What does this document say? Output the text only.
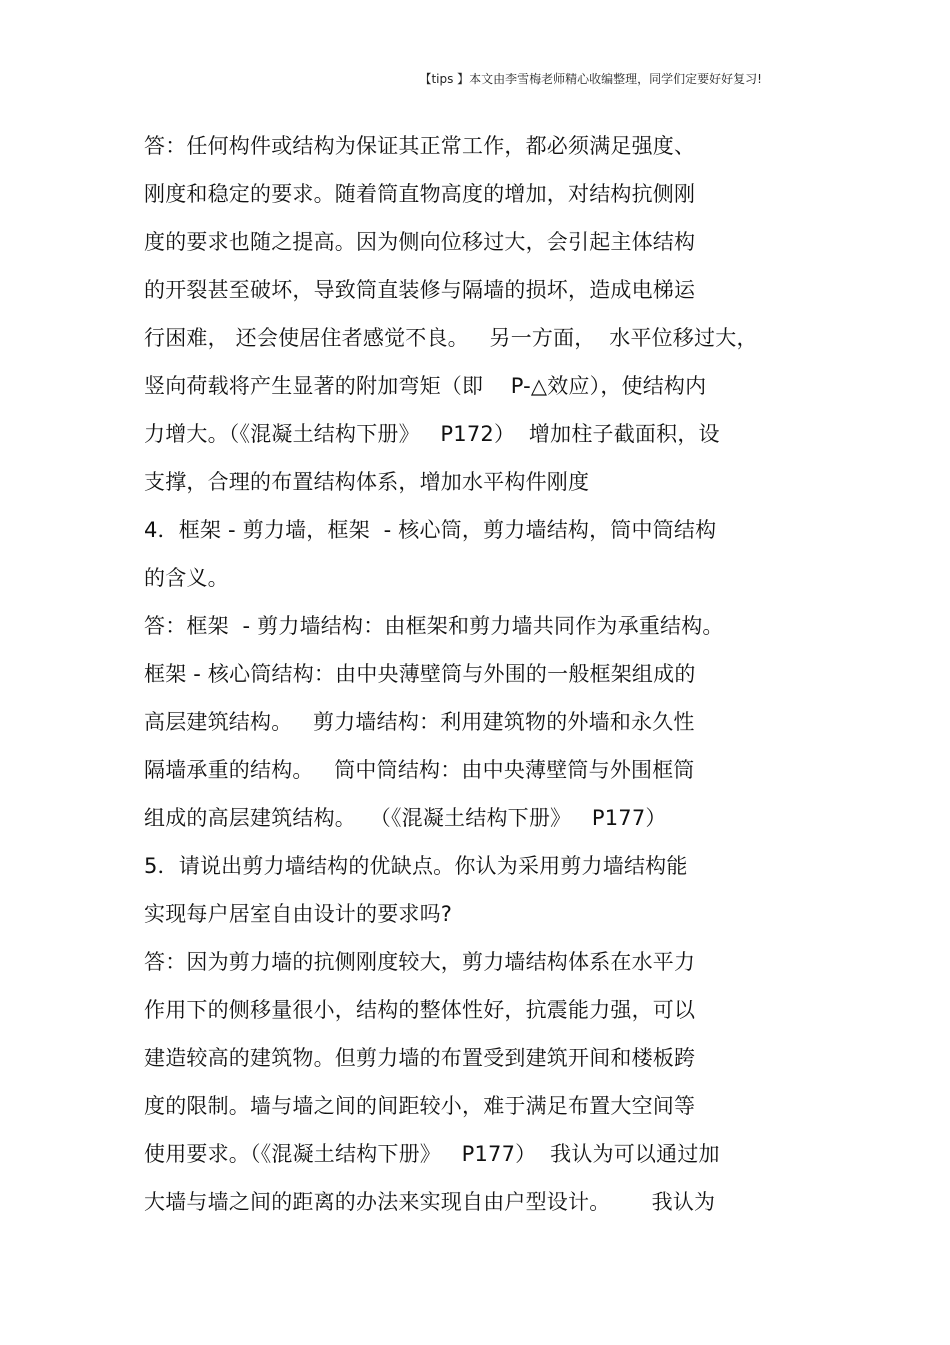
【tips 】本文由李雪梅老师精心收编整理，同学们定要好好复习!
答：任何构件或结构为保证其正常工作，都必须满足强度、
刚度和稳定的要求。随着筒直物高度的增加，对结构抗侧刚
度的要求也随之提高。因为侧向位移过大，会引起主体结构
的开裂甚至破坏，导致筒直装修与隔墙的损坏，造成电梯运
行困难， 还会使居住者感觉不良。   另一方面，  水平位移过大，
竖向荷载将产生显著的附加弯矩（即    P-△效应），使结构内
力增大。（《混凝土结构下册》   P172）  增加柱子截面积，设
支撑，合理的布置结构体系，增加水平构件刚度
4．框架 - 剪力墙，框架  - 核心筒，剪力墙结构，筒中筒结构
的含义。
答：框架  - 剪力墙结构：由框架和剪力墙共同作为承重结构。
框架 - 核心筒结构：由中央薄壁筒与外围的一般框架组成的
高层建筑结构。   剪力墙结构：利用建筑物的外墙和永久性
隔墙承重的结构。   筒中筒结构：由中央薄壁筒与外围框筒
组成的高层建筑结构。  （《混凝土结构下册》   P177）
5．请说出剪力墙结构的优缺点。你认为采用剪力墙结构能
实现每户居室自由设计的要求吗?
答：因为剪力墙的抗侧刚度较大，剪力墙结构体系在水平力
作用下的侧移量很小，结构的整体性好，抗震能力强，可以
建造较高的建筑物。但剪力墙的布置受到建筑开间和楼板跨
度的限制。墙与墙之间的间距较小，难于满足布置大空间等
使用要求。（《混凝土结构下册》   P177）  我认为可以通过加
大墙与墙之间的距离的办法来实现自由户型设计。      我认为
